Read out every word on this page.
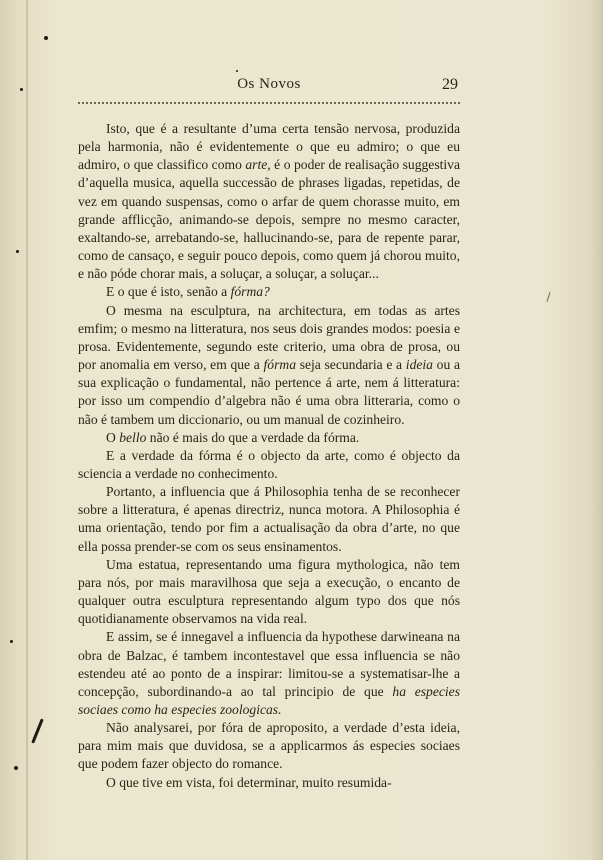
Os Novos	29

Isto, que é a resultante d’uma certa tensão nervosa, produzida pela harmonia, não é evidentemente o que eu admiro; o que eu admiro, o que classifico como arte, é o poder de realisação suggestiva d’aquella musica, aquella successão de phrases ligadas, repetidas, de vez em quando suspensas, como o arfar de quem chorasse muito, em grande afflicção, animando-se depois, sempre no mesmo caracter, exaltando-se, arrebatando-se, hallucinando-se, para de repente parar, como de cansaço, e seguir pouco depois, como quem já chorou muito, e não póde chorar mais, a soluçar, a soluçar, a soluçar...

E o que é isto, senão a fórma?

O mesma na esculptura, na architectura, em todas as artes emfim; o mesmo na litteratura, nos seus dois grandes modos: poesia e prosa. Evidentemente, segundo este criterio, uma obra de prosa, ou por anomalia em verso, em que a fórma seja secundaria e a ideia ou a sua explicação o fundamental, não pertence á arte, nem á litteratura: por isso um compendio d’algebra não é uma obra litteraria, como o não é tambem um diccionario, ou um manual de cozinheiro.

O bello não é mais do que a verdade da fórma.

E a verdade da fórma é o objecto da arte, como é objecto da sciencia a verdade no conhecimento.

Portanto, a influencia que á Philosophia tenha de se reconhecer sobre a litteratura, é apenas directriz, nunca motora. A Philosophia é uma orientação, tendo por fim a actualisação da obra d’arte, no que ella possa prender-se com os seus ensinamentos.

Uma estatua, representando uma figura mythologica, não tem para nós, por mais maravilhosa que seja a execução, o encanto de qualquer outra esculptura representando algum typo dos que nós quotidianamente observamos na vida real.

E assim, se é innegavel a influencia da hypothese darwineana na obra de Balzac, é tambem incontestavel que essa influencia se não estendeu até ao ponto de a inspirar: limitou-se a systematisar-lhe a concepção, subordinando-a ao tal principio de que ha especies sociaes como ha especies zoologicas.

Não analysarei, por fóra de aproposito, a verdade d’esta ideia, para mim mais que duvidosa, se a applicarmos ás especies sociaes que podem fazer objecto do romance.

O que tive em vista, foi determinar, muito resumida-
